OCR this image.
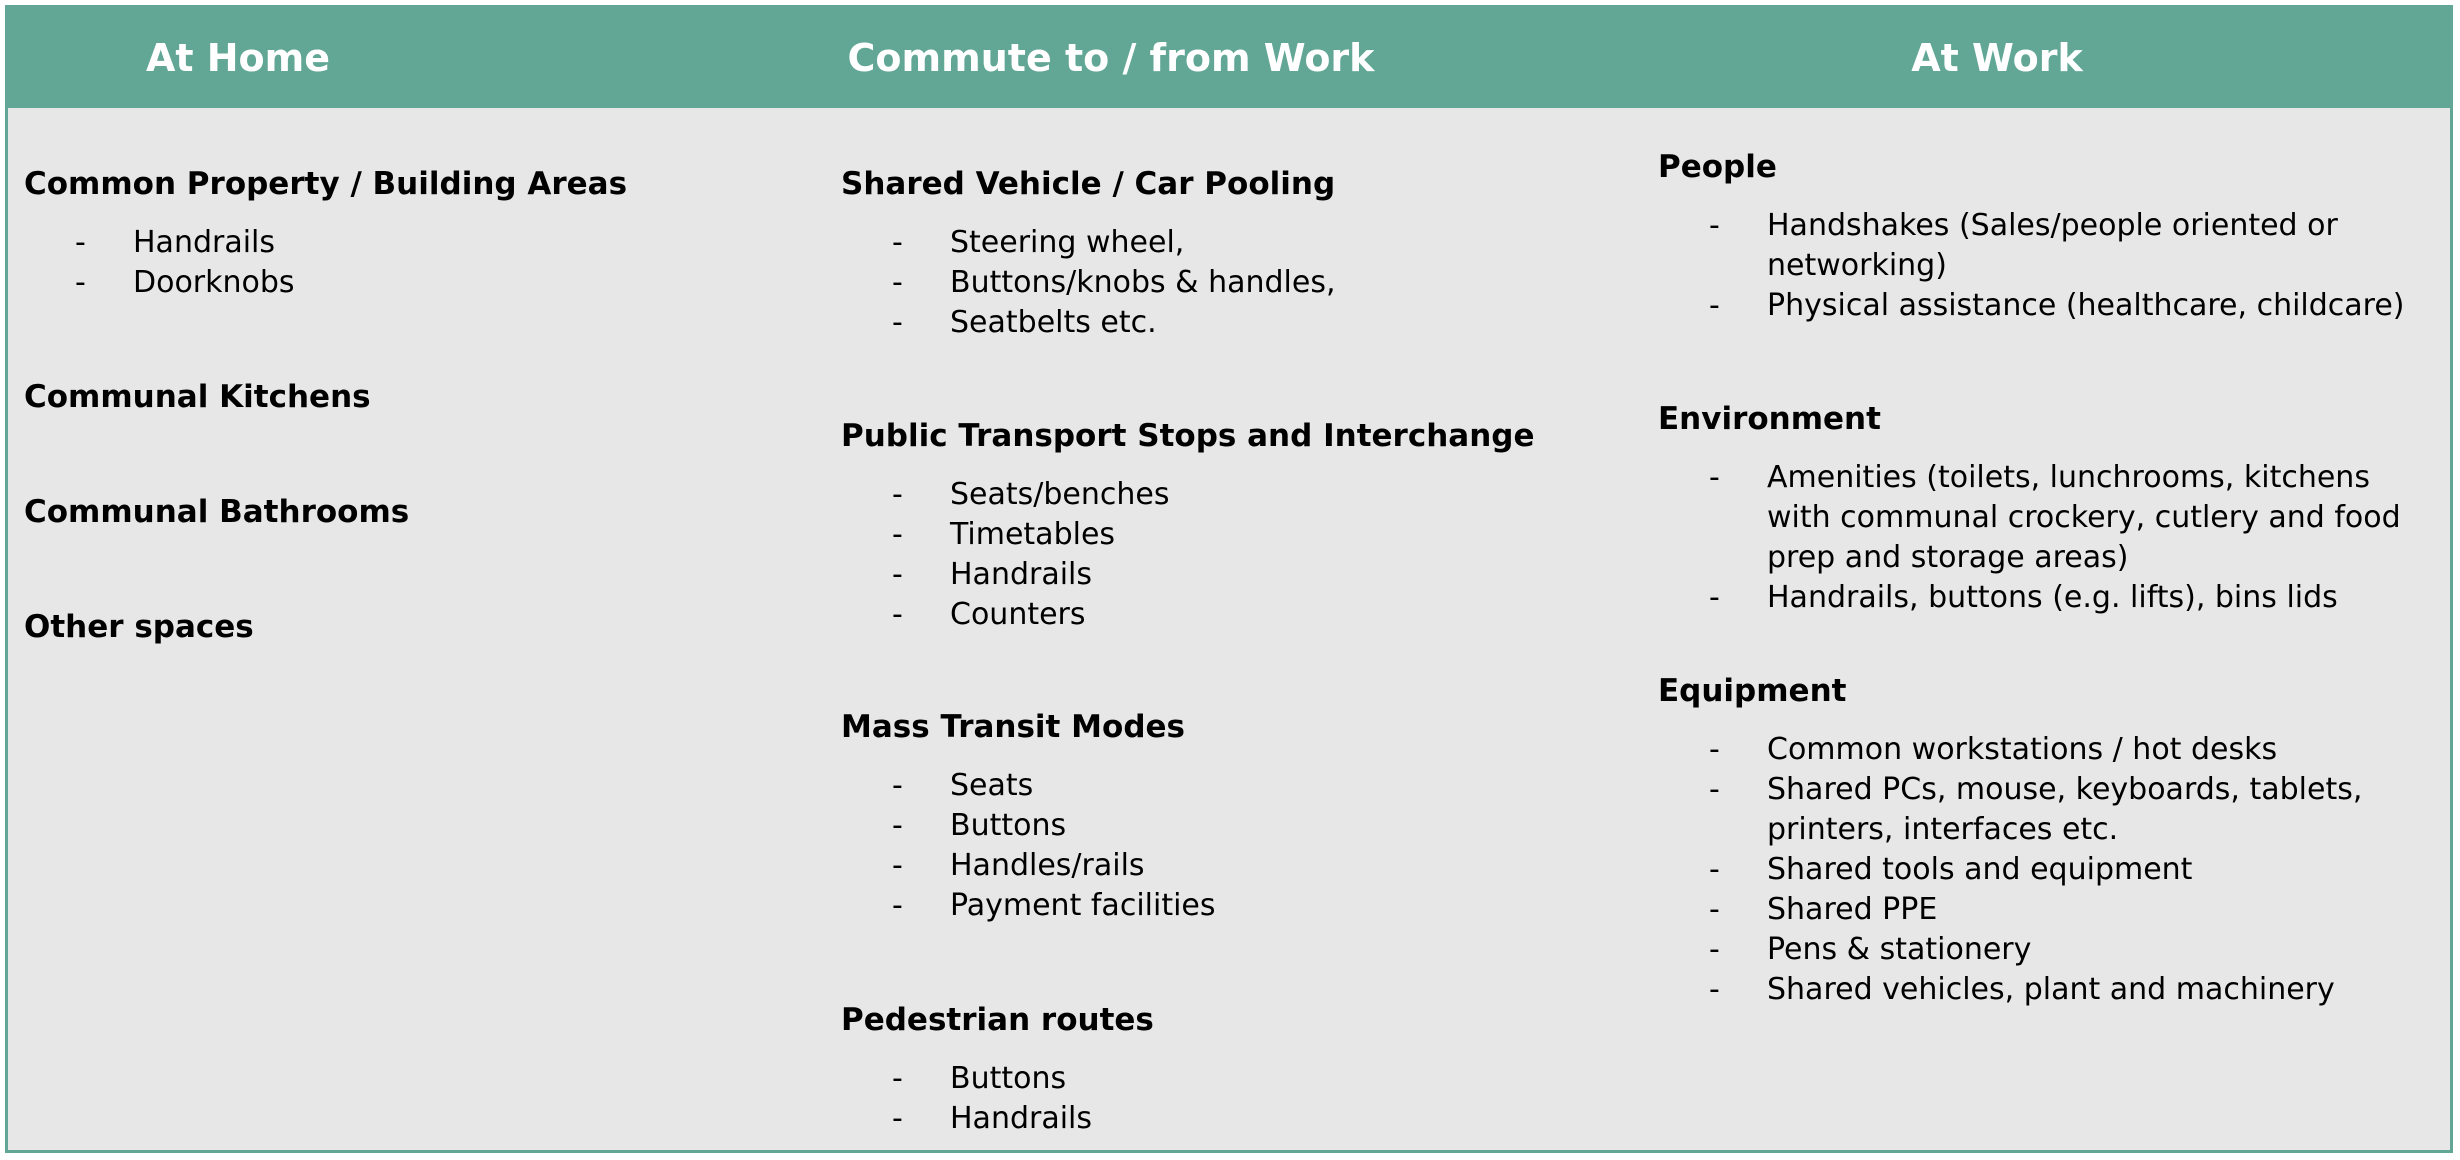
At Home	Commute to / from Work	At Work
Common Property / Building Areas
- Handrails
- Doorknobs
Communal Kitchens
Communal Bathrooms
Other spaces
Shared Vehicle / Car Pooling
- Steering wheel,
- Buttons/knobs & handles,
- Seatbelts etc.
Public Transport Stops and Interchange
- Seats/benches
- Timetables
- Handrails
- Counters
Mass Transit Modes
- Seats
- Buttons
- Handles/rails
- Payment facilities
Pedestrian routes
- Buttons
- Handrails
People
- Handshakes (Sales/people oriented or networking)
- Physical assistance (healthcare, childcare)
Environment
- Amenities (toilets, lunchrooms, kitchens with communal crockery, cutlery and food prep and storage areas)
- Handrails, buttons (e.g. lifts), bins lids
Equipment
- Common workstations / hot desks
- Shared PCs, mouse, keyboards, tablets, printers, interfaces etc.
- Shared tools and equipment
- Shared PPE
- Pens & stationery
- Shared vehicles, plant and machinery
